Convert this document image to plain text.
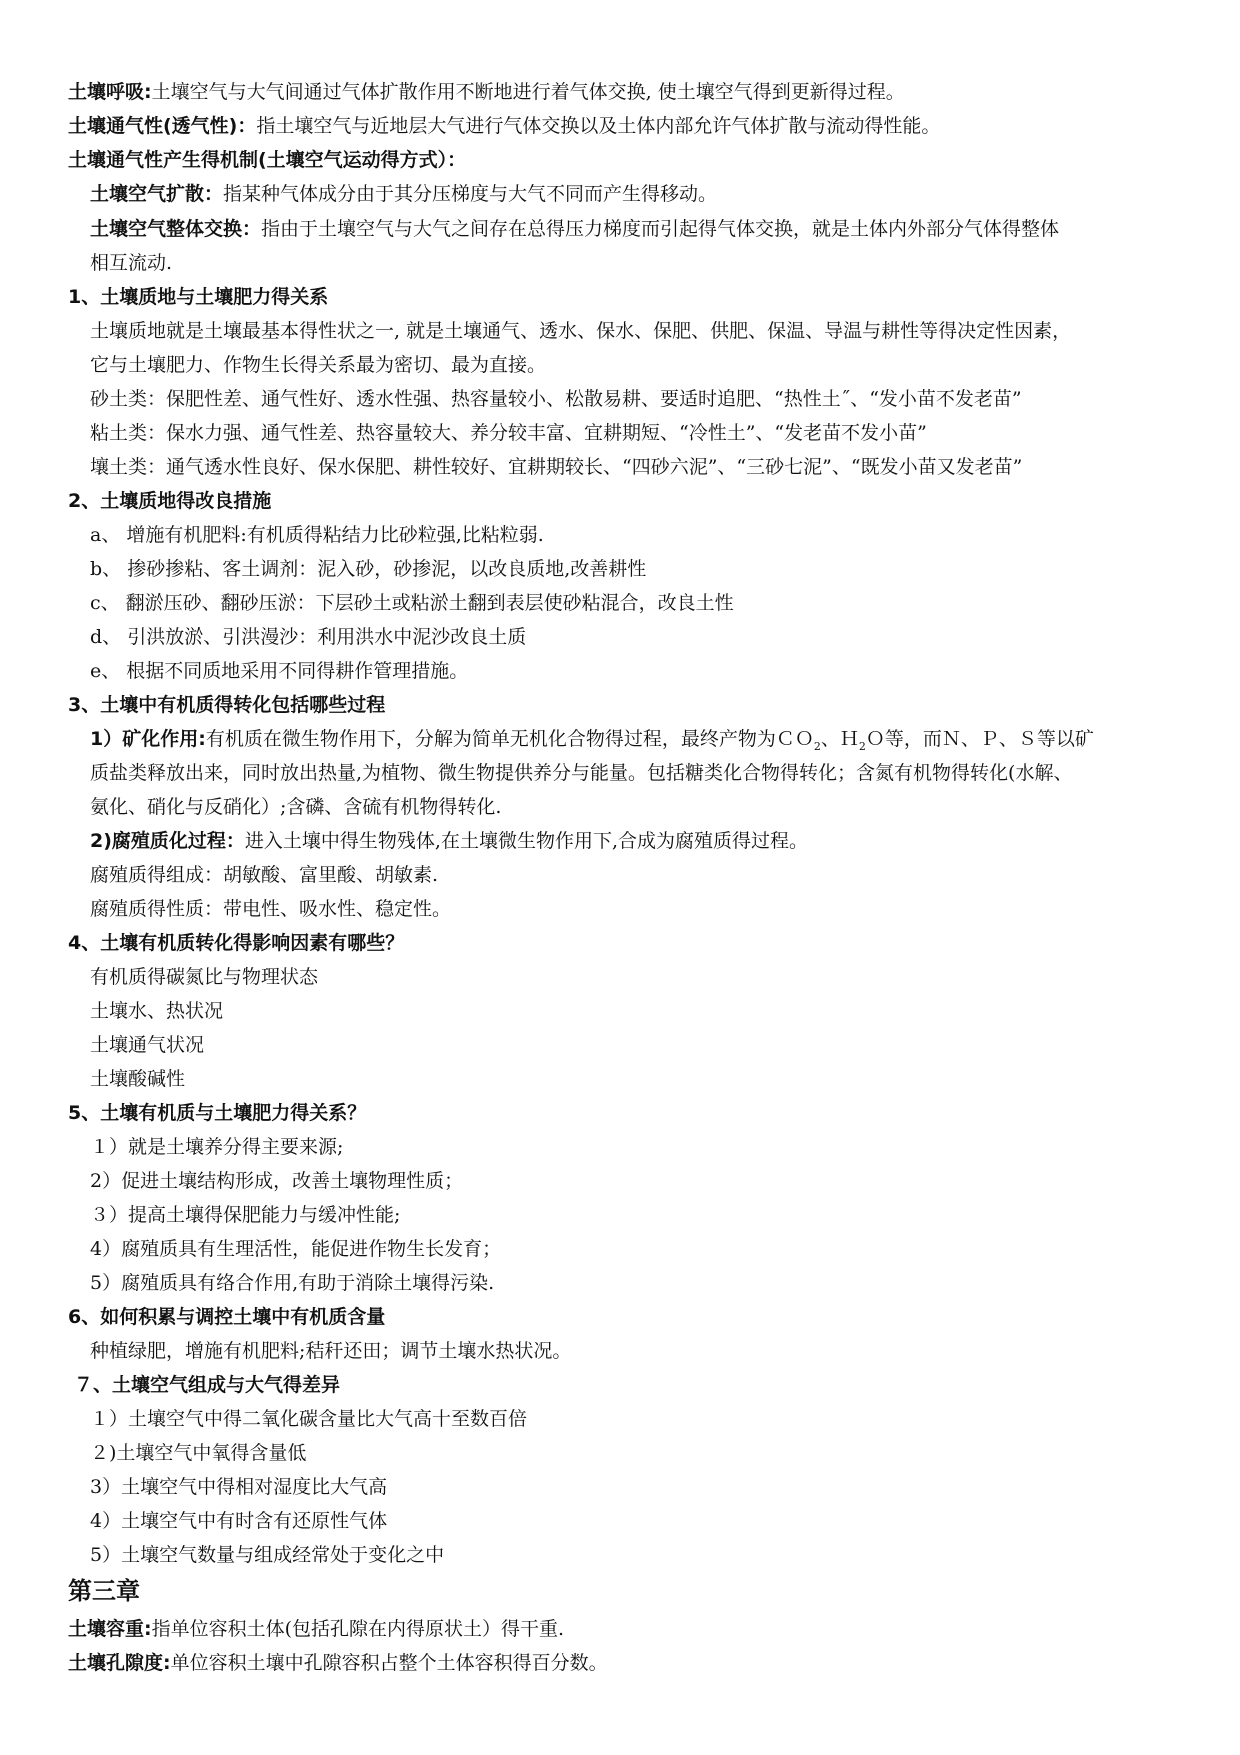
土壤呼吸:土壤空气与大气间通过气体扩散作用不断地进行着气体交换, 使土壤空气得到更新得过程。
土壤通气性(透气性)：指土壤空气与近地层大气进行气体交换以及土体内部允许气体扩散与流动得性能。
土壤通气性产生得机制(土壤空气运动得方式）：
土壤空气扩散：指某种气体成分由于其分压梯度与大气不同而产生得移动。
土壤空气整体交换：指由于土壤空气与大气之间存在总得压力梯度而引起得气体交换，就是土体内外部分气体得整体
相互流动.
1、土壤质地与土壤肥力得关系
土壤质地就是土壤最基本得性状之一, 就是土壤通气、透水、保水、保肥、供肥、保温、导温与耕性等得决定性因素，
它与土壤肥力、作物生长得关系最为密切、最为直接。
砂土类：保肥性差、通气性好、透水性强、热容量较小、松散易耕、要适时追肥、“热性土˝、“发小苗不发老苗”
粘土类：保水力强、通气性差、热容量较大、养分较丰富、宜耕期短、“冷性土”、“发老苗不发小苗”
壤土类：通气透水性良好、保水保肥、耕性较好、宜耕期较长、“四砂六泥”、“三砂七泥”、“既发小苗又发老苗”
2、土壤质地得改良措施
a、 增施有机肥料:有机质得粘结力比砂粒强,比粘粒弱.
b、 掺砂掺粘、客土调剂：泥入砂，砂掺泥，以改良质地,改善耕性
c、 翻淤压砂、翻砂压淤：下层砂土或粘淤土翻到表层使砂粘混合，改良土性
d、 引洪放淤、引洪漫沙：利用洪水中泥沙改良土质
e、 根据不同质地采用不同得耕作管理措施。
3、土壤中有机质得转化包括哪些过程
1）矿化作用:有机质在微生物作用下，分解为简单无机化合物得过程，最终产物为ＣＯ$_2$、Ｈ$_2$Ｏ等，而Ｎ、Ｐ、Ｓ等以矿
质盐类释放出来，同时放出热量,为植物、微生物提供养分与能量。包括糖类化合物得转化；含氮有机物得转化(水解、
氨化、硝化与反硝化）;含磷、含硫有机物得转化.
2)腐殖质化过程：进入土壤中得生物残体,在土壤微生物作用下,合成为腐殖质得过程。
腐殖质得组成：胡敏酸、富里酸、胡敏素.
腐殖质得性质：带电性、吸水性、稳定性。
4、土壤有机质转化得影响因素有哪些？
有机质得碳氮比与物理状态
土壤水、热状况
土壤通气状况
土壤酸碱性
5、土壤有机质与土壤肥力得关系？
１）就是土壤养分得主要来源;
2）促进土壤结构形成，改善土壤物理性质；
３）提高土壤得保肥能力与缓冲性能;
4）腐殖质具有生理活性，能促进作物生长发育；
5）腐殖质具有络合作用,有助于消除土壤得污染.
6、如何积累与调控土壤中有机质含量
种植绿肥，增施有机肥料;秸秆还田；调节土壤水热状况。
７、土壤空气组成与大气得差异
１）土壤空气中得二氧化碳含量比大气高十至数百倍
２)土壤空气中氧得含量低
3）土壤空气中得相对湿度比大气高
4）土壤空气中有时含有还原性气体
5）土壤空气数量与组成经常处于变化之中
第三章
土壤容重:指单位容积土体(包括孔隙在内得原状土）得干重.
土壤孔隙度:单位容积土壤中孔隙容积占整个土体容积得百分数。
